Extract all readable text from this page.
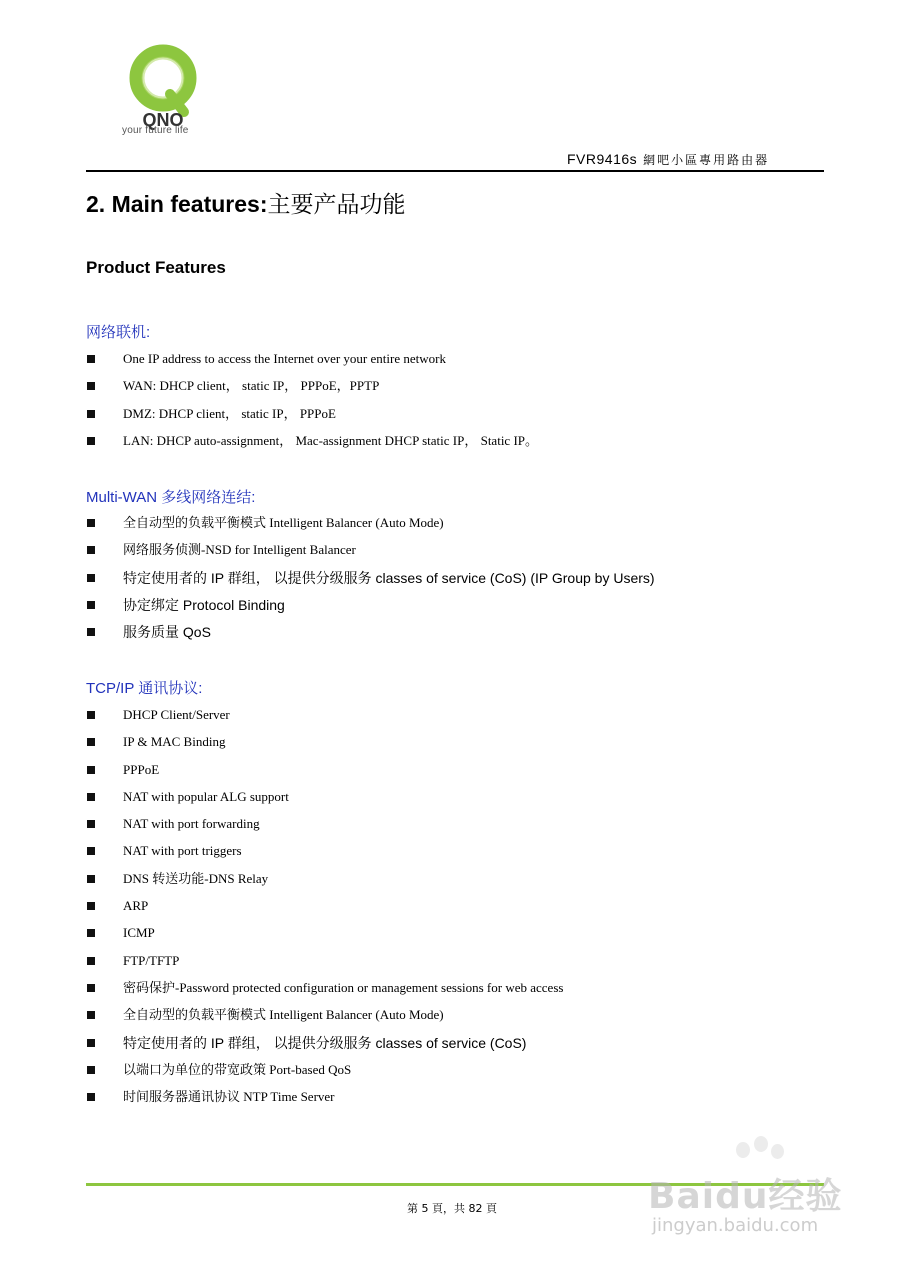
QNO
your future life
FVR9416s 網吧小區專用路由器
2. Main features:主要产品功能
Product Features
网络联机:
One IP address to access the Internet over your entire network
WAN: DHCP client， static IP， PPPoE，PPTP
DMZ: DHCP client， static IP， PPPoE
LAN: DHCP auto-assignment， Mac-assignment DHCP static IP， Static IP。
Multi-WAN 多线网络连结:
全自动型的负载平衡模式 Intelligent Balancer (Auto Mode)
网络服务侦测-NSD for Intelligent Balancer
特定使用者的 IP 群组， 以提供分级服务 classes of service (CoS) (IP Group by Users)
协定绑定 Protocol Binding
服务质量 QoS
TCP/IP 通讯协议:
DHCP Client/Server
IP & MAC Binding
PPPoE
NAT with popular ALG support
NAT with port forwarding
NAT with port triggers
DNS 转送功能-DNS Relay
ARP
ICMP
FTP/TFTP
密码保护-Password protected configuration or management sessions for web access
全自动型的负载平衡模式 Intelligent Balancer (Auto Mode)
特定使用者的 IP 群组， 以提供分级服务 classes of service (CoS)
以端口为单位的带宽政策 Port-based QoS
时间服务器通讯协议 NTP Time Server
第 5 頁，共 82 頁	Baidu经验
jingyan.baidu.com
